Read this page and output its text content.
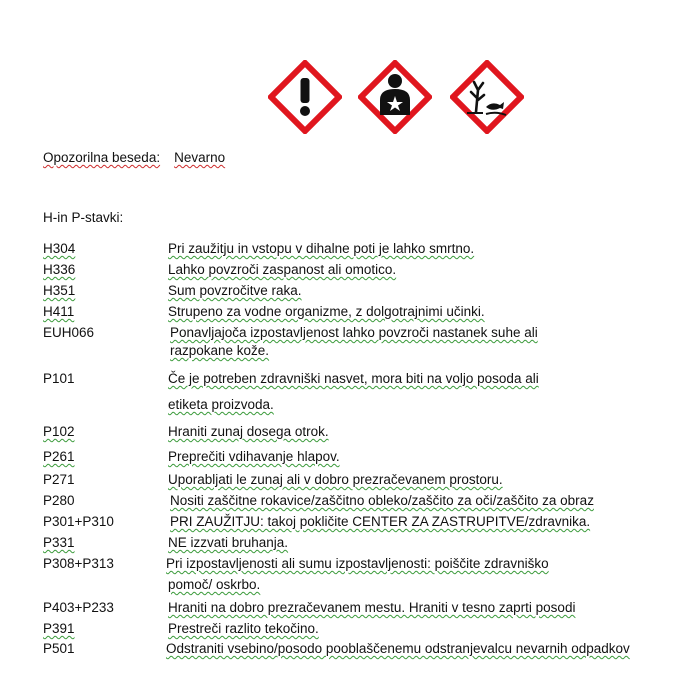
Opozorilna beseda: Nevarno
H-in P-stavki:
H304	Pri zaužitju in vstopu v dihalne poti je lahko smrtno.
H336	Lahko povzroči zaspanost ali omotico.
H351	Sum povzročitve raka.
H411	Strupeno za vodne organizme, z dolgotrajnimi učinki.
EUH066	Ponavljajoča izpostavljenost lahko povzroči nastanek suhe ali
razpokane kože.
P101	Če je potreben zdravniški nasvet, mora biti na voljo posoda ali
etiketa proizvoda.
P102	Hraniti zunaj dosega otrok.
P261	Preprečiti vdihavanje hlapov.
P271	Uporabljati le zunaj ali v dobro prezračevanem prostoru.
P280	Nositi zaščitne rokavice/zaščitno obleko/zaščito za oči/zaščito za obraz
P301+P310	PRI ZAUŽITJU: takoj pokličite CENTER ZA ZASTRUPITVE/zdravnika.
P331	NE izzvati bruhanja.
P308+P313	Pri izpostavljenosti ali sumu izpostavljenosti: poiščite zdravniško
pomoč/ oskrbo.
P403+P233	Hraniti na dobro prezračevanem mestu. Hraniti v tesno zaprti posodi
P391	Prestreči razlito tekočino.
P501	Odstraniti vsebino/posodo pooblaščenemu odstranjevalcu nevarnih odpadkov
